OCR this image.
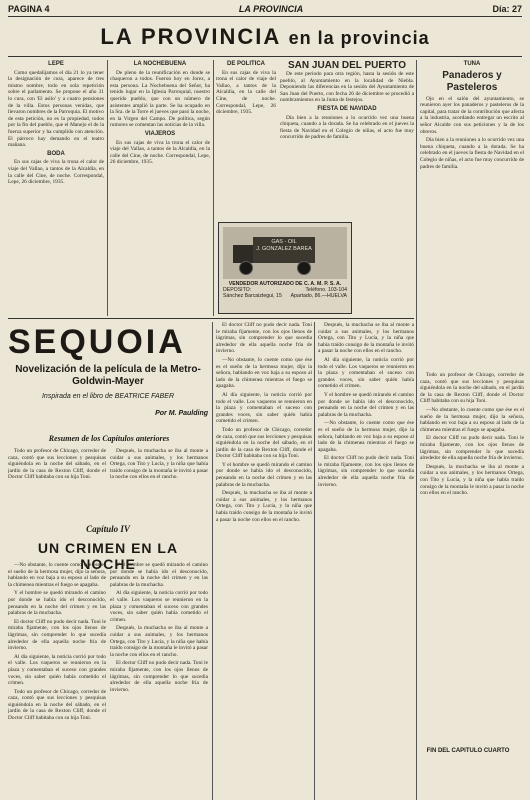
PAGINA 4	LA PROVINCIA	Día: 27
LA PROVINCIA en la provincia
LEPE

Como quedalijamos el día 21 lo ya tener la designación de cura, aparece de tres mismo nombre, todo en sola repetición sobre el parlamento. Se propone el año 31 lo cura, con 'El asilo' y a cuatro pensiones de la villa. Estos personas venidas, que llevaron nombres de la Parroquia. El motivo de esta petición, no es la propiedad, todos por la fin del pueblo, que el Manejo el de la fuerza superior y ha cumplido con atención. El párroco hay demando en el teatro mañana.

BODA

En sus cajas de viva la trona el calor de viaje del Vallao, a tantos de la Alcaldía, en la calle del Cine, de noche. Correspondal, Lepe, 26 diciembre, 1935.

LA NOCHEBUENA

De pleno de la reunificación en donde se chaqueron a todos. Fueron hoy en Jorez, a esta persona. La Nochebuena del Señor, ha tenido lugar en la Iglesia Parroquial, nuestro querido pueblo, que con un número de asistentes amplió la parte. Se ha ocupado en la Sra. de la Torre el jueves que pasó la noche, en la Virgen del Campo. De política, según rumores se comentan las noticias de la villa.

VIAJEROS

En sus cajas de viva la trona el calor de viaje del Vallao, a tantos de la Alcaldía, en la calle del Cine, de noche. Correspondal, Lepe, 26 diciembre, 1935.

DE POLITICA

En sus cajas de viva la trona el calor de viaje del Vallao, a tantos de la Alcaldía, en la calle del Cine, de noche. Correspondal, Lepe, 26 diciembre, 1935.

SAN JUAN DEL PUERTO

De este periodo para otra región, hasta la sesión de este pueblo, al Ayuntamiento en la localidad de Niebla. Deponiendo las diferencias en la sesión del Ayuntamiento de San Juan del Puerto, con fecha 26 de diciembre se procedió a nombramientos en la Junta de festejos.

FIESTA DE NAVIDAD

Día bien a la reuniones a lo ocurrido vez una buena chiqueta, cuando a la dorada. Se ha celebrado en el jueves la fiesta de Navidad en el Colegio de niñas, el acto fue muy concurrido de padres de familia.

TUNA
Panaderos y Pasteleros

Ojo en el salón del ayuntamiento, se reunieron ayer los panaderos y pasteleros de la capital, para tratar de la contribución que afecta a la industria, acordando entregar un escrito al señor Alcalde con sus peticiones y la de los obreros.

Día bien a la reuniones a lo ocurrido vez una buena chiqueta, cuando a la dorada. Se ha celebrado en el jueves la fiesta de Navidad en el Colegio de niñas, el acto fue muy concurrido de padres de familia.

GAS - OIL
J. GONZALEZ BAREA
VENDEDOR AUTORIZADO DE C. A. M. P. S. A.
DEPOSITO:	Teléfono. 103-104
Sánchez Barcaiztegui, 15 Apartado, 86.—HUELVA
SEQUOIA
Novelización de la película de la Metro-Goldwin-Mayer
Inspirada en el libro de BEATRICE FABER
Por M. Paulding
Resumen de los Capítulos anteriores

Todo un profesor de Chicago, corredor de caza, contó que sus lecciones y pesquisas siguiéndola en la noche del sábado, en el jardín de la casa de Rexton Cliff, donde el Doctor Cliff habitaba con su hija Toni.

Después, la muchacha se iba al monte a cuidar a sus animales, y los hermanos Ortega, con Tito y Lucía, y la niña que había traído consigo de la montaña le invitó a pasar la noche con ellos en el rancho.

Capítulo IV
UN CRIMEN EN LA NOCHE

—No obstante, lo cuente como que ése es el sueño de la hermosa mujer, dijo la señora, hablando en voz baja a su esposo al lado de la chimenea mientras el fuego se apagaba.

Y el hombre se quedó mirando el camino por donde se había ido el desconocido, pensando en la noche del crimen y en las palabras de la muchacha.

El doctor Cliff no pudo decir nada. Toni le miraba fijamente, con los ojos llenos de lágrimas, sin comprender lo que sucedía alrededor de ella aquella noche fría de invierno.

Al día siguiente, la noticia corrió por todo el valle. Los vaqueros se reunieron en la plaza y comentaban el suceso con grandes voces, sin saber quién había cometido el crimen.

Todo un profesor de Chicago, corredor de caza, contó que sus lecciones y pesquisas siguiéndola en la noche del sábado, en el jardín de la casa de Rexton Cliff, donde el Doctor Cliff habitaba con su hija Toni.

Y el hombre se quedó mirando el camino por donde se había ido el desconocido, pensando en la noche del crimen y en las palabras de la muchacha.

Al día siguiente, la noticia corrió por todo el valle. Los vaqueros se reunieron en la plaza y comentaban el suceso con grandes voces, sin saber quién había cometido el crimen.

Después, la muchacha se iba al monte a cuidar a sus animales, y los hermanos Ortega, con Tito y Lucía, y la niña que había traído consigo de la montaña le invitó a pasar la noche con ellos en el rancho.

El doctor Cliff no pudo decir nada. Toni le miraba fijamente, con los ojos llenos de lágrimas, sin comprender lo que sucedía alrededor de ella aquella noche fría de invierno.

El doctor Cliff no pudo decir nada. Toni le miraba fijamente, con los ojos llenos de lágrimas, sin comprender lo que sucedía alrededor de ella aquella noche fría de invierno.

—No obstante, lo cuente como que ése es el sueño de la hermosa mujer, dijo la señora, hablando en voz baja a su esposo al lado de la chimenea mientras el fuego se apagaba.

Al día siguiente, la noticia corrió por todo el valle. Los vaqueros se reunieron en la plaza y comentaban el suceso con grandes voces, sin saber quién había cometido el crimen.

Todo un profesor de Chicago, corredor de caza, contó que sus lecciones y pesquisas siguiéndola en la noche del sábado, en el jardín de la casa de Rexton Cliff, donde el Doctor Cliff habitaba con su hija Toni.

Y el hombre se quedó mirando el camino por donde se había ido el desconocido, pensando en la noche del crimen y en las palabras de la muchacha.

Después, la muchacha se iba al monte a cuidar a sus animales, y los hermanos Ortega, con Tito y Lucía, y la niña que había traído consigo de la montaña le invitó a pasar la noche con ellos en el rancho.

Después, la muchacha se iba al monte a cuidar a sus animales, y los hermanos Ortega, con Tito y Lucía, y la niña que había traído consigo de la montaña le invitó a pasar la noche con ellos en el rancho.

Al día siguiente, la noticia corrió por todo el valle. Los vaqueros se reunieron en la plaza y comentaban el suceso con grandes voces, sin saber quién había cometido el crimen.

Y el hombre se quedó mirando el camino por donde se había ido el desconocido, pensando en la noche del crimen y en las palabras de la muchacha.

—No obstante, lo cuente como que ése es el sueño de la hermosa mujer, dijo la señora, hablando en voz baja a su esposo al lado de la chimenea mientras el fuego se apagaba.

El doctor Cliff no pudo decir nada. Toni le miraba fijamente, con los ojos llenos de lágrimas, sin comprender lo que sucedía alrededor de ella aquella noche fría de invierno.

Todo un profesor de Chicago, corredor de caza, contó que sus lecciones y pesquisas siguiéndola en la noche del sábado, en el jardín de la casa de Rexton Cliff, donde el Doctor Cliff habitaba con su hija Toni.

—No obstante, lo cuente como que ése es el sueño de la hermosa mujer, dijo la señora, hablando en voz baja a su esposo al lado de la chimenea mientras el fuego se apagaba.

El doctor Cliff no pudo decir nada. Toni le miraba fijamente, con los ojos llenos de lágrimas, sin comprender lo que sucedía alrededor de ella aquella noche fría de invierno.

Después, la muchacha se iba al monte a cuidar a sus animales, y los hermanos Ortega, con Tito y Lucía, y la niña que había traído consigo de la montaña le invitó a pasar la noche con ellos en el rancho.

FIN DEL CAPITULO CUARTO
